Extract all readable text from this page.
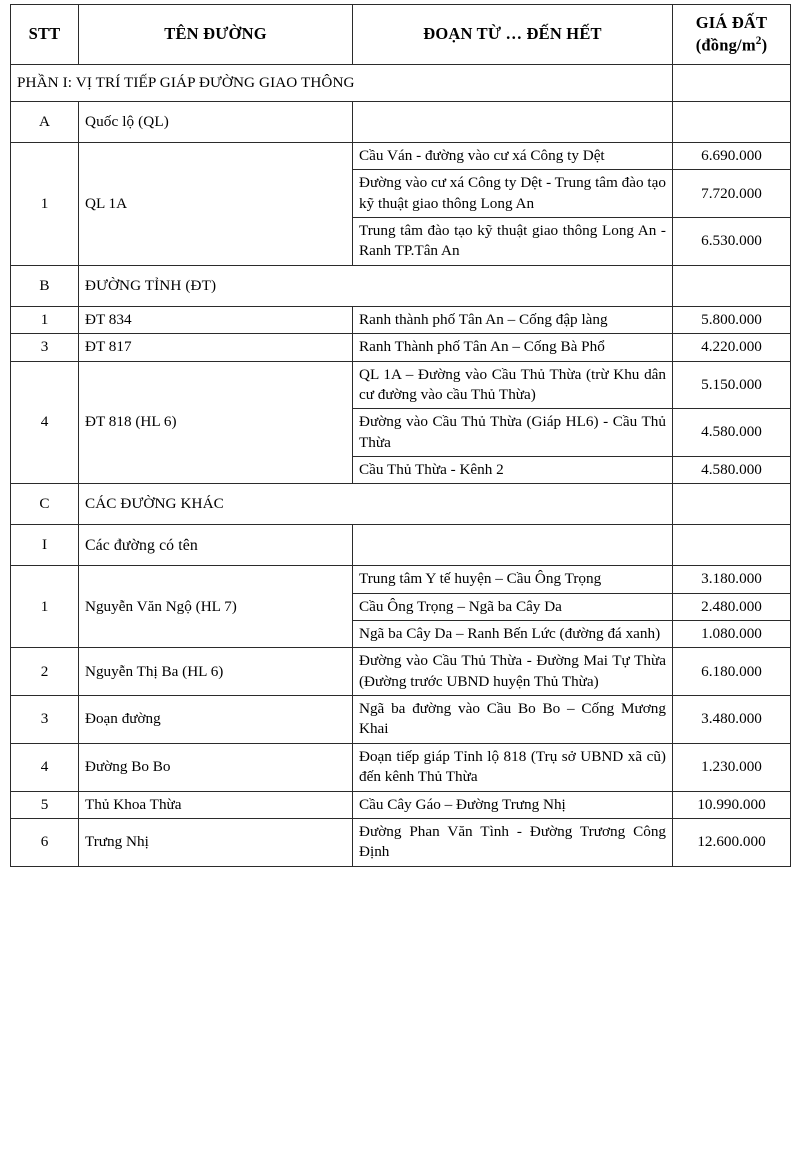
STT	TÊN ĐƯỜNG	ĐOẠN TỪ … ĐẾN HẾT	GIÁ ĐẤT
$(đồng/m^2)$

PHẦN I: VỊ TRÍ TIẾP GIÁP ĐƯỜNG GIAO THÔNG			
A	Quốc lộ (QL)		
1	QL 1A	Cầu Ván - đường vào cư xá Công ty Dệt	6.690.000
		Đường vào cư xá Công ty Dệt - Trung tâm đào tạo kỹ thuật giao thông Long An	7.720.000
		Trung tâm đào tạo kỹ thuật giao thông Long An - Ranh TP.Tân An	6.530.000
B	ĐƯỜNG TỈNH (ĐT)		
1	ĐT 834	Ranh thành phố Tân An – Cống đập làng	5.800.000
3	ĐT 817	Ranh Thành phố Tân An – Cống Bà Phổ	4.220.000
4	ĐT 818 (HL 6)	QL 1A – Đường vào Cầu Thủ Thừa (trừ Khu dân cư đường vào cầu Thủ Thừa)	5.150.000
		Đường vào Cầu Thủ Thừa (Giáp HL6) - Cầu Thủ Thừa	4.580.000
		Cầu Thủ Thừa - Kênh 2	4.580.000
C	CÁC ĐƯỜNG KHÁC		
I	Các đường có tên		
1	Nguyễn Văn Ngộ (HL 7)	Trung tâm Y tế huyện – Cầu Ông Trọng	3.180.000
		Cầu Ông Trọng – Ngã ba Cây Da	2.480.000
		Ngã ba Cây Da – Ranh Bến Lức (đường đá xanh)	1.080.000
2	Nguyễn Thị Ba (HL 6)	Đường vào Cầu Thủ Thừa - Đường Mai Tự Thừa (Đường trước UBND huyện Thủ Thừa)	6.180.000
3	Đoạn đường	Ngã ba đường vào Cầu Bo Bo – Cống Mương Khai	3.480.000
4	Đường Bo Bo	Đoạn tiếp giáp Tỉnh lộ 818 (Trụ sở UBND xã cũ) đến kênh Thủ Thừa	1.230.000
5	Thủ Khoa Thừa	Cầu Cây Gáo – Đường Trưng Nhị	10.990.000
6	Trưng Nhị	Đường Phan Văn Tình - Đường Trương Công Định	12.600.000
